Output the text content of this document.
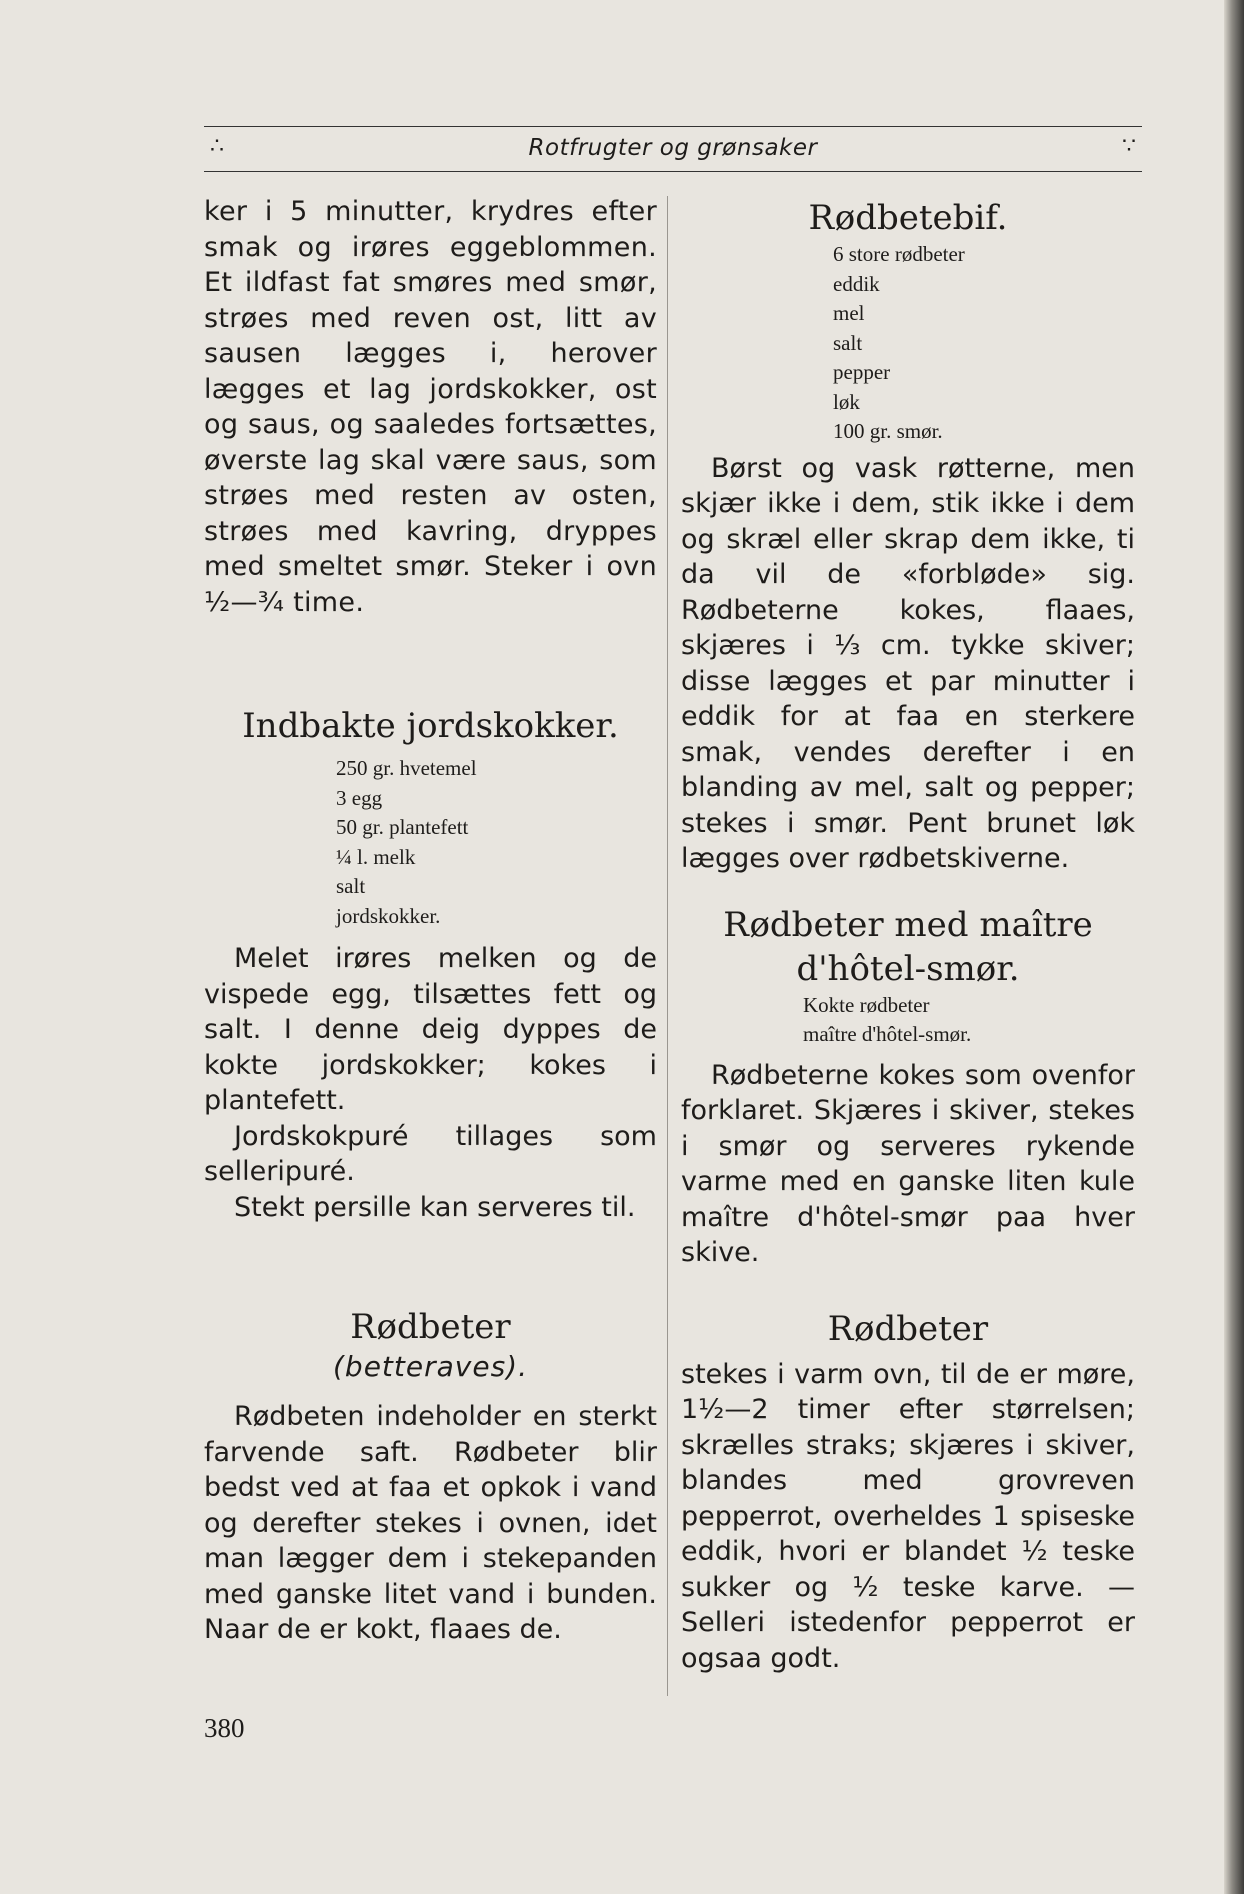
∴	Rotfrugter og grønsaker	∵

ker i 5 minutter, krydres efter smak og irøres eggeblommen. Et ildfast fat smøres med smør, strøes med reven ost, litt av sausen lægges i, herover lægges et lag jordskokker, ost og saus, og saaledes fortsættes, øverste lag skal være saus, som strøes med resten av osten, strøes med kavring, dryppes med smeltet smør. Steker i ovn ½—¾ time.

Indbakte jordskokker.
250 gr. hvetemel
3 egg
50 gr. plantefett
¼ l. melk
salt
jordskokker.

Melet irøres melken og de vispede egg, tilsættes fett og salt. I denne deig dyppes de kokte jordskokker; kokes i plantefett.

Jordskokpuré tillages som selleripuré.

Stekt persille kan serveres til.

Rødbeter
(betteraves).

Rødbeten indeholder en sterkt farvende saft. Rødbeter blir bedst ved at faa et opkok i vand og derefter stekes i ovnen, idet man lægger dem i stekepanden med ganske litet vand i bunden. Naar de er kokt, flaaes de.

Rødbetebif.
6 store rødbeter
eddik
mel
salt
pepper
løk
100 gr. smør.

Børst og vask røtterne, men skjær ikke i dem, stik ikke i dem og skræl eller skrap dem ikke, ti da vil de «forbløde» sig. Rødbeterne kokes, flaaes, skjæres i ⅓ cm. tykke skiver; disse lægges et par minutter i eddik for at faa en sterkere smak, vendes derefter i en blanding av mel, salt og pepper; stekes i smør. Pent brunet løk lægges over rødbetskiverne.

Rødbeter med maître
d'hôtel-smør.
Kokte rødbeter
maître d'hôtel-smør.

Rødbeterne kokes som ovenfor forklaret. Skjæres i skiver, stekes i smør og serveres rykende varme med en ganske liten kule maître d'hôtel-smør paa hver skive.

Rødbeter

stekes i varm ovn, til de er møre, 1½—2 timer efter størrelsen; skrælles straks; skjæres i skiver, blandes med grovreven pepperrot, overheldes 1 spiseske eddik, hvori er blandet ½ teske sukker og ½ teske karve. — Selleri istedenfor pepperrot er ogsaa godt.

380
